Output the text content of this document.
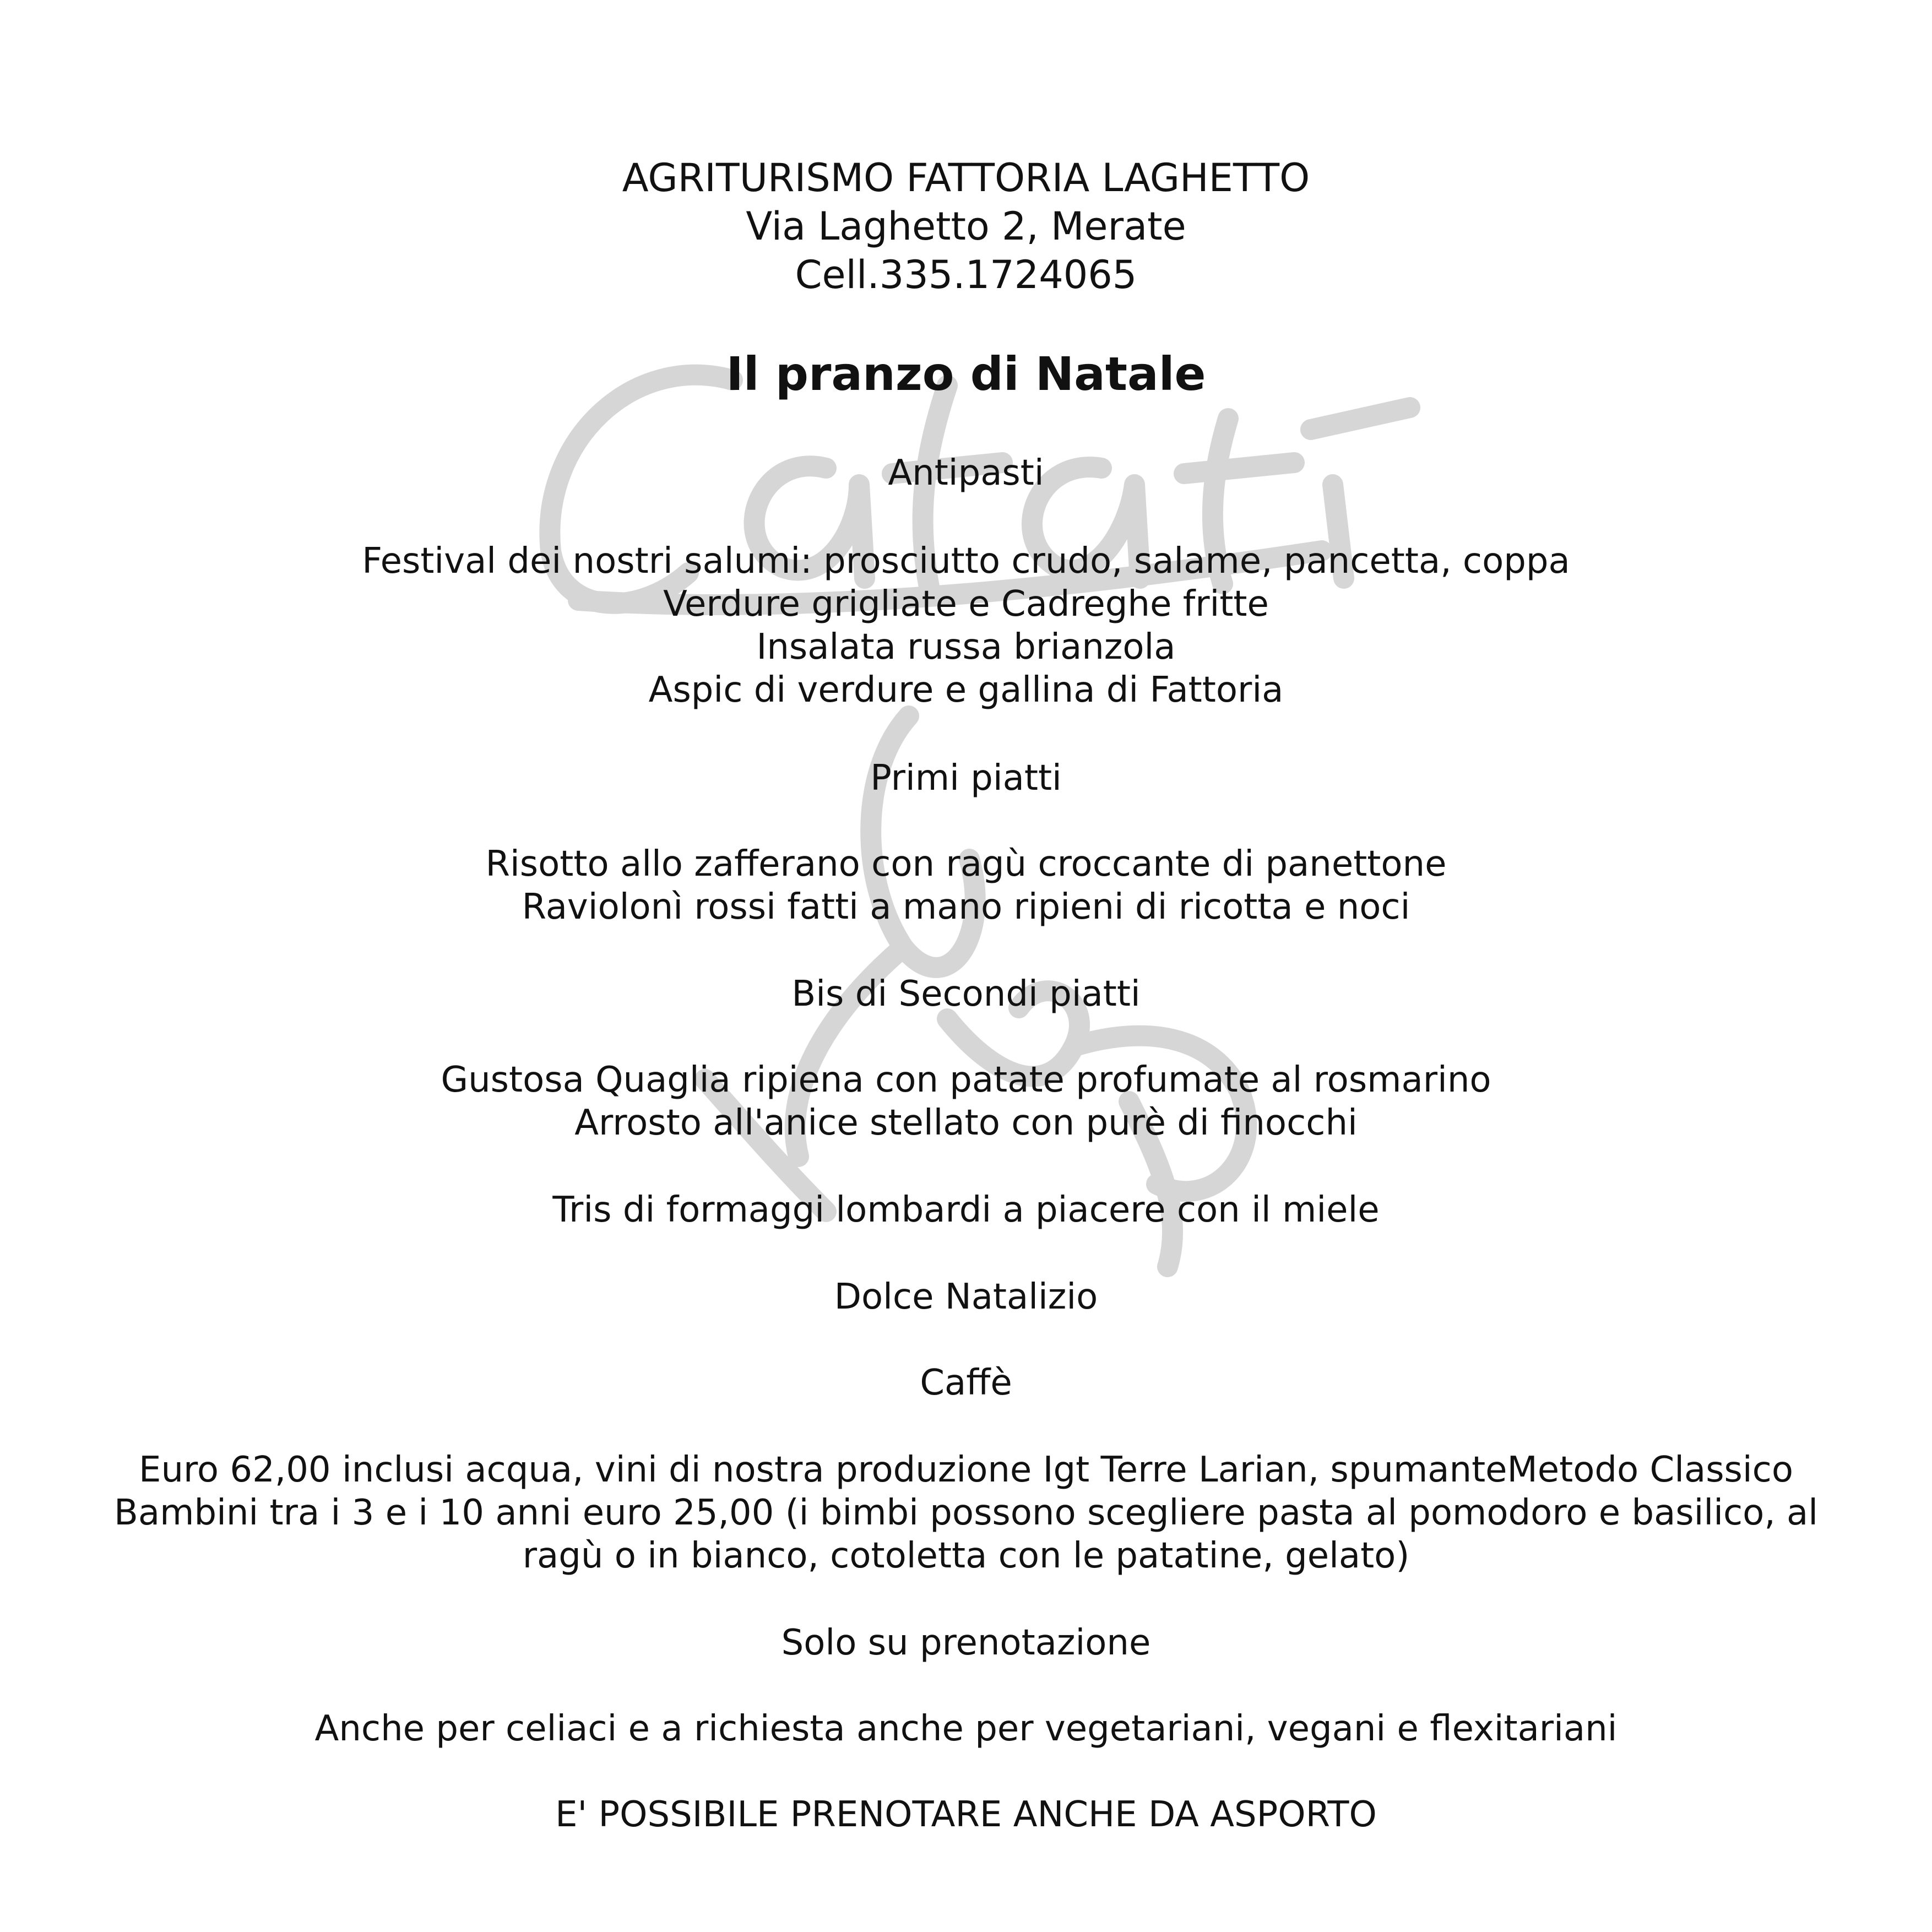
AGRITURISMO FATTORIA LAGHETTO
Via Laghetto 2, Merate
Cell.335.1724065
Il pranzo di Natale
Antipasti
Festival dei nostri salumi: prosciutto crudo, salame, pancetta, coppa
Verdure grigliate e Cadreghe fritte
Insalata russa brianzola
Aspic di verdure e gallina di Fattoria
Primi piatti
Risotto allo zafferano con ragù croccante di panettone
Raviolonì rossi fatti a mano ripieni di ricotta e noci
Bis di Secondi piatti
Gustosa Quaglia ripiena con patate profumate al rosmarino
Arrosto all'anice stellato con purè di finocchi
Tris di formaggi lombardi a piacere con il miele
Dolce Natalizio
Caffè
Euro 62,00 inclusi acqua, vini di nostra produzione Igt Terre Larian, spumanteMetodo Classico
Bambini tra i 3 e i 10 anni euro 25,00 (i bimbi possono scegliere pasta al pomodoro e basilico, al
ragù o in bianco, cotoletta con le patatine, gelato)
Solo su prenotazione
Anche per celiaci e a richiesta anche per vegetariani, vegani e flexitariani
E' POSSIBILE PRENOTARE ANCHE DA ASPORTO
